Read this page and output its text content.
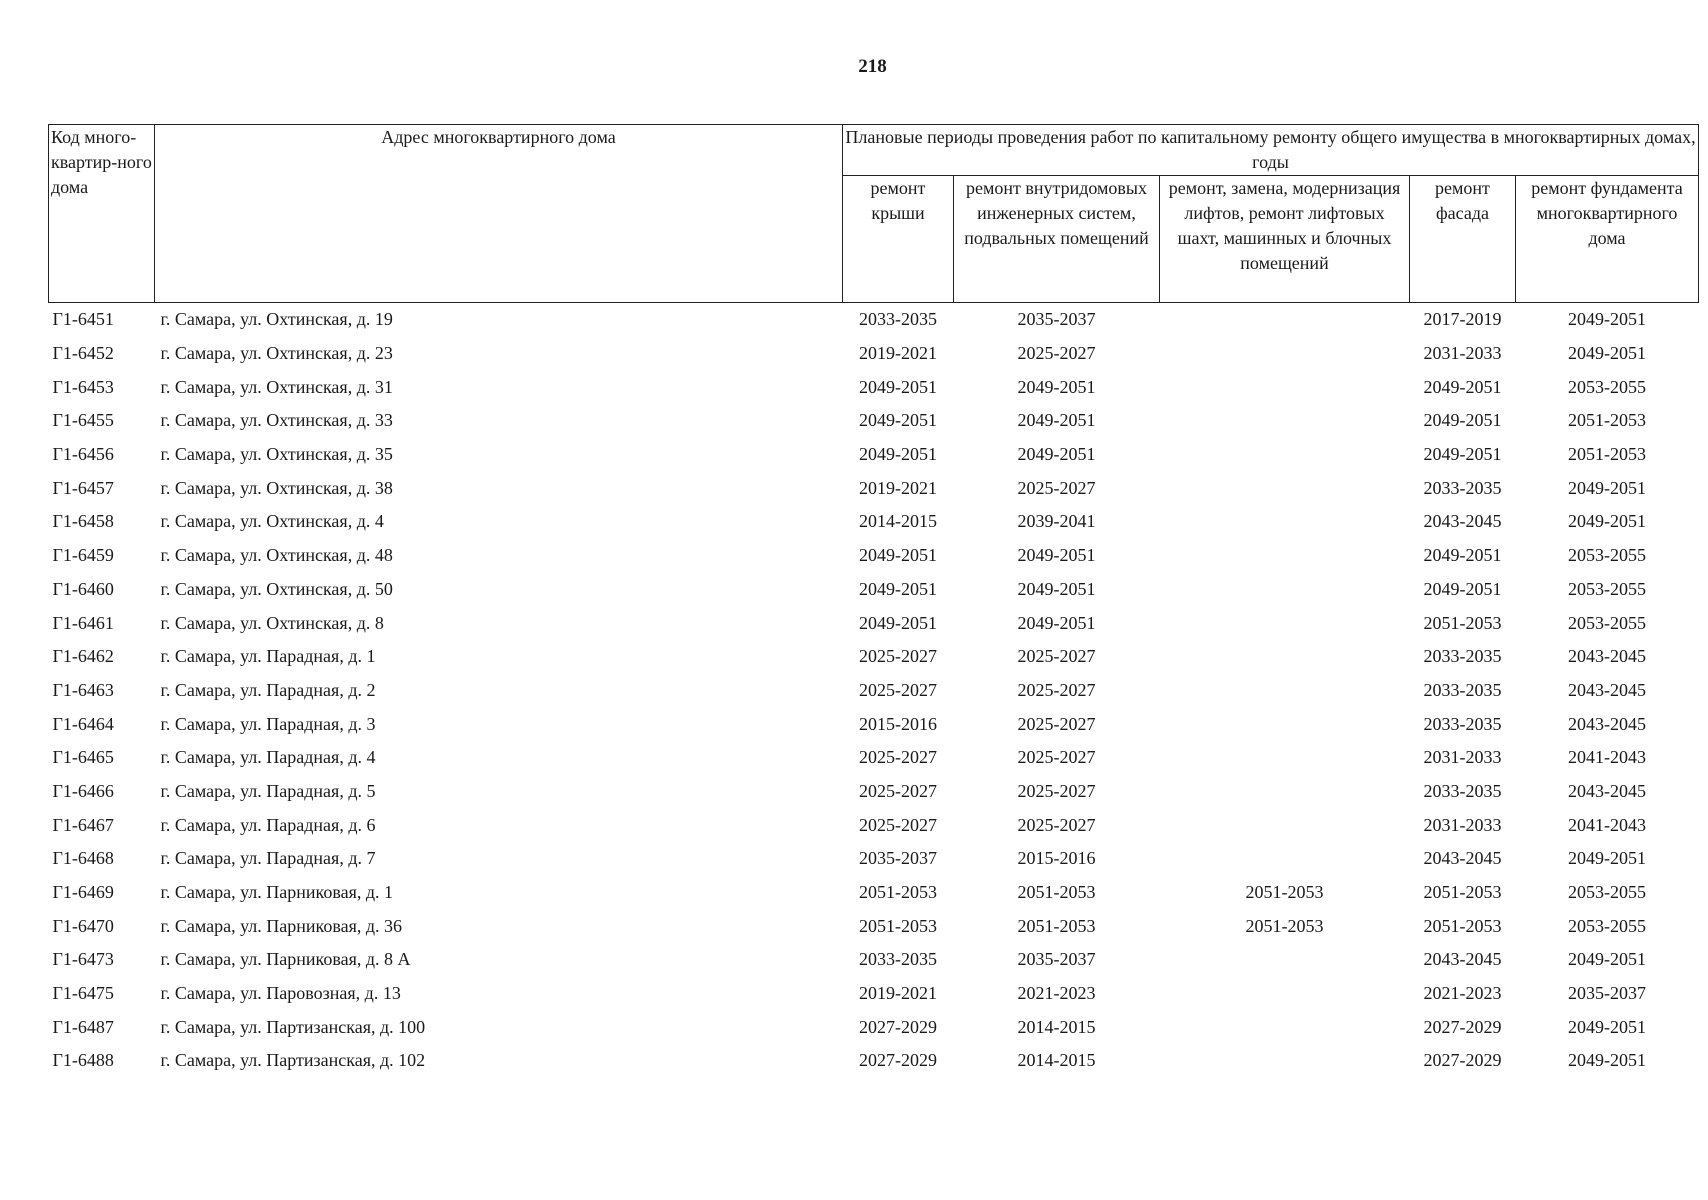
218
Код много-квартир-ного дома	Адрес многоквартирного дома	Плановые периоды проведения работ по капитальному ремонту общего имущества в многоквартирных домах, годы				
		ремонт крыши	ремонт внутридомовых инженерных систем, подвальных помещений	ремонт, замена, модернизация лифтов, ремонт лифтовых шахт, машинных и блочных помещений	ремонт фасада	ремонт фундамента многоквартирного дома
Г1-6451	г. Самара, ул. Охтинская, д. 19	2033-2035	2035-2037		2017-2019	2049-2051
Г1-6452	г. Самара, ул. Охтинская, д. 23	2019-2021	2025-2027		2031-2033	2049-2051
Г1-6453	г. Самара, ул. Охтинская, д. 31	2049-2051	2049-2051		2049-2051	2053-2055
Г1-6455	г. Самара, ул. Охтинская, д. 33	2049-2051	2049-2051		2049-2051	2051-2053
Г1-6456	г. Самара, ул. Охтинская, д. 35	2049-2051	2049-2051		2049-2051	2051-2053
Г1-6457	г. Самара, ул. Охтинская, д. 38	2019-2021	2025-2027		2033-2035	2049-2051
Г1-6458	г. Самара, ул. Охтинская, д. 4	2014-2015	2039-2041		2043-2045	2049-2051
Г1-6459	г. Самара, ул. Охтинская, д. 48	2049-2051	2049-2051		2049-2051	2053-2055
Г1-6460	г. Самара, ул. Охтинская, д. 50	2049-2051	2049-2051		2049-2051	2053-2055
Г1-6461	г. Самара, ул. Охтинская, д. 8	2049-2051	2049-2051		2051-2053	2053-2055
Г1-6462	г. Самара, ул. Парадная, д. 1	2025-2027	2025-2027		2033-2035	2043-2045
Г1-6463	г. Самара, ул. Парадная, д. 2	2025-2027	2025-2027		2033-2035	2043-2045
Г1-6464	г. Самара, ул. Парадная, д. 3	2015-2016	2025-2027		2033-2035	2043-2045
Г1-6465	г. Самара, ул. Парадная, д. 4	2025-2027	2025-2027		2031-2033	2041-2043
Г1-6466	г. Самара, ул. Парадная, д. 5	2025-2027	2025-2027		2033-2035	2043-2045
Г1-6467	г. Самара, ул. Парадная, д. 6	2025-2027	2025-2027		2031-2033	2041-2043
Г1-6468	г. Самара, ул. Парадная, д. 7	2035-2037	2015-2016		2043-2045	2049-2051
Г1-6469	г. Самара, ул. Парниковая, д. 1	2051-2053	2051-2053	2051-2053	2051-2053	2053-2055
Г1-6470	г. Самара, ул. Парниковая, д. 36	2051-2053	2051-2053	2051-2053	2051-2053	2053-2055
Г1-6473	г. Самара, ул. Парниковая, д. 8 А	2033-2035	2035-2037		2043-2045	2049-2051
Г1-6475	г. Самара, ул. Паровозная, д. 13	2019-2021	2021-2023		2021-2023	2035-2037
Г1-6487	г. Самара, ул. Партизанская, д. 100	2027-2029	2014-2015		2027-2029	2049-2051
Г1-6488	г. Самара, ул. Партизанская, д. 102	2027-2029	2014-2015		2027-2029	2049-2051
